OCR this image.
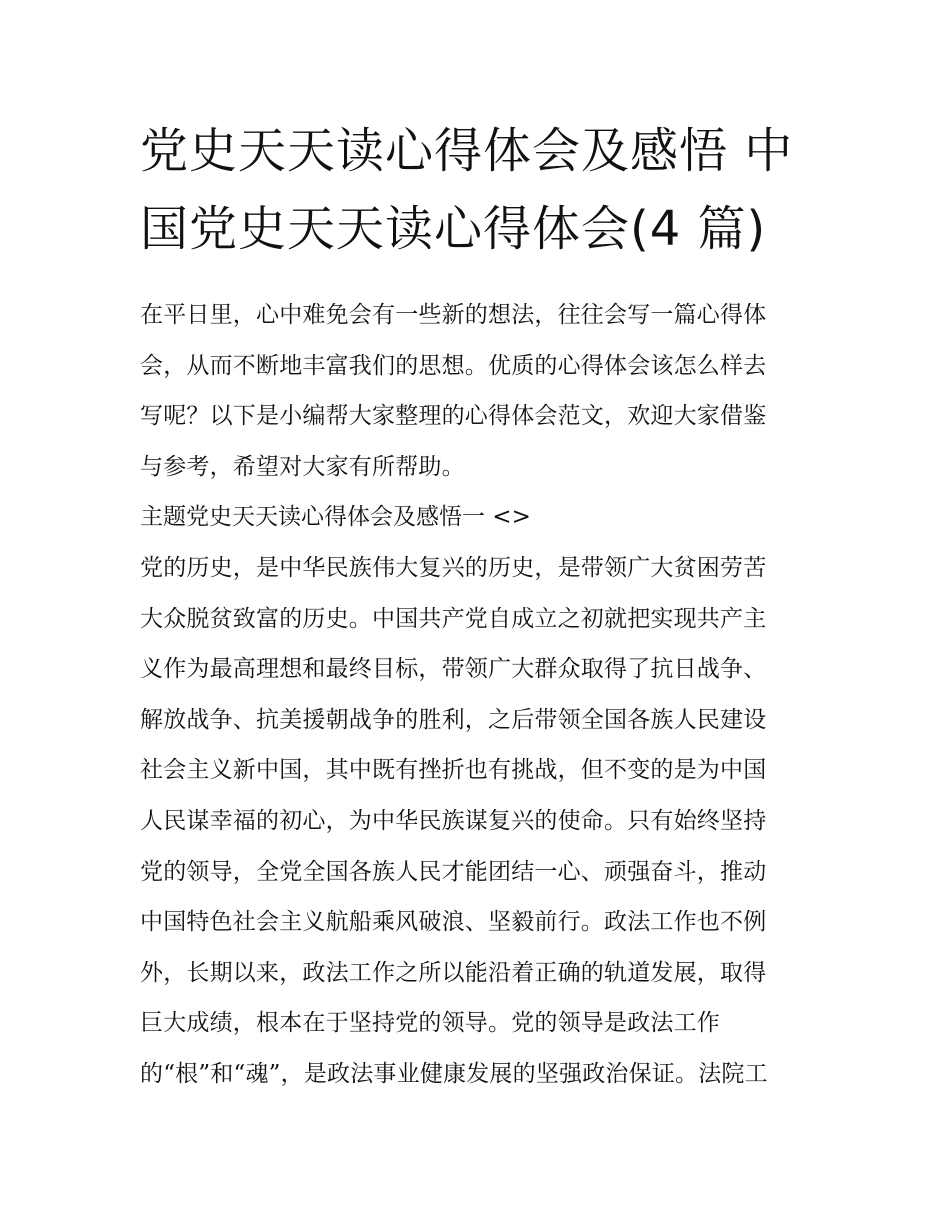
党史天天读心得体会及感悟 中
国党史天天读心得体会(4 篇)
在平日里，心中难免会有一些新的想法，往往会写一篇心得体
会，从而不断地丰富我们的思想。优质的心得体会该怎么样去
写呢？以下是小编帮大家整理的心得体会范文，欢迎大家借鉴
与参考，希望对大家有所帮助。
主题党史天天读心得体会及感悟一 <>
党的历史，是中华民族伟大复兴的历史，是带领广大贫困劳苦
大众脱贫致富的历史。中国共产党自成立之初就把实现共产主
义作为最高理想和最终目标，带领广大群众取得了抗日战争、
解放战争、抗美援朝战争的胜利，之后带领全国各族人民建设
社会主义新中国，其中既有挫折也有挑战，但不变的是为中国
人民谋幸福的初心，为中华民族谋复兴的使命。只有始终坚持
党的领导，全党全国各族人民才能团结一心、顽强奋斗，推动
中国特色社会主义航船乘风破浪、坚毅前行。政法工作也不例
外，长期以来，政法工作之所以能沿着正确的轨道发展，取得
巨大成绩，根本在于坚持党的领导。党的领导是政法工作
的“根”和“魂”，是政法事业健康发展的坚强政治保证。法院工
